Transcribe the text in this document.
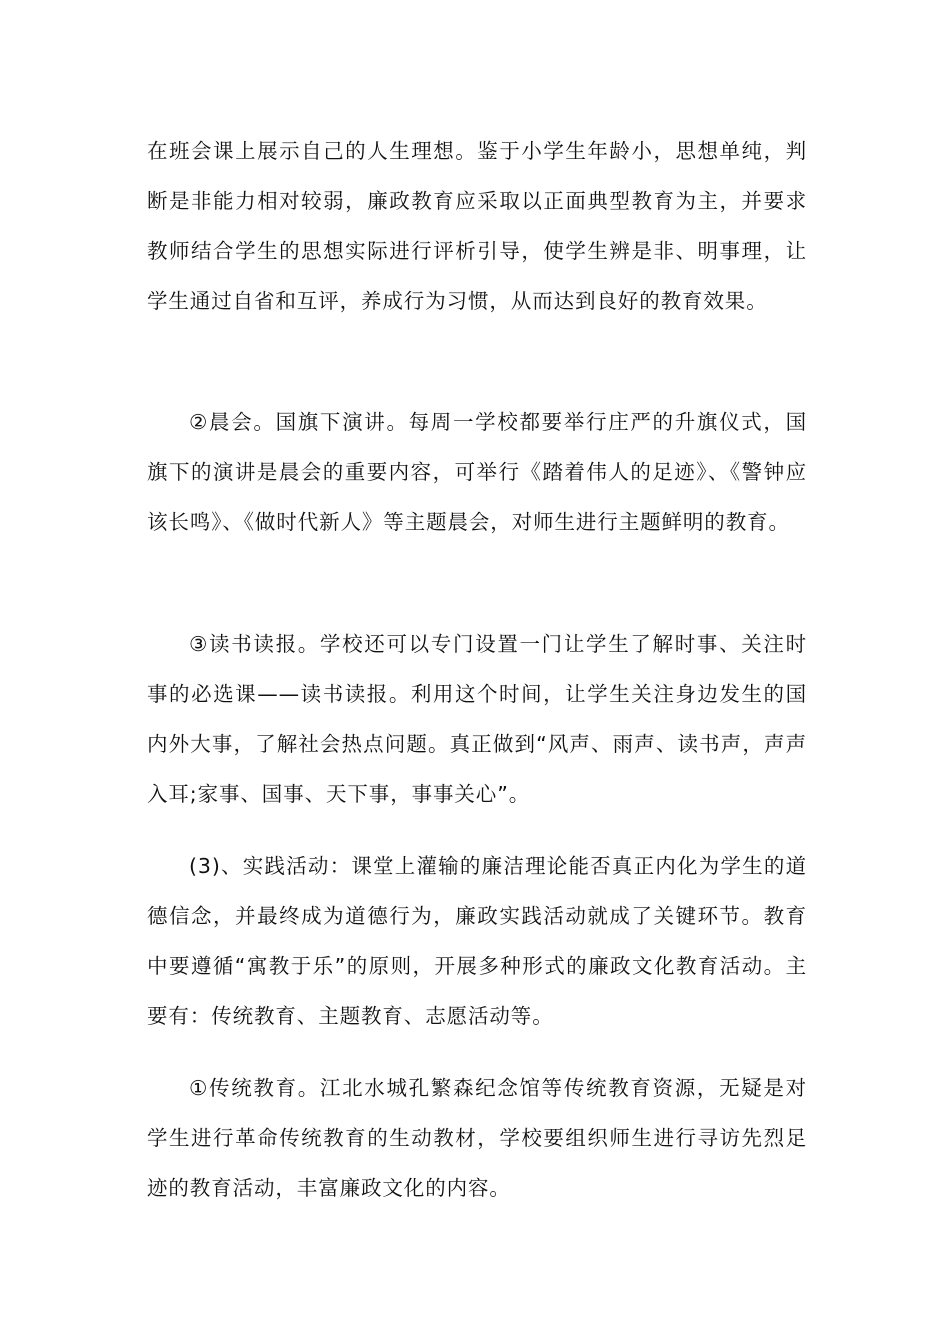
在班会课上展示自己的人生理想。鉴于小学生年龄小，思想单纯，判断是非能力相对较弱，廉政教育应采取以正面典型教育为主，并要求教师结合学生的思想实际进行评析引导，使学生辨是非、明事理，让学生通过自省和互评，养成行为习惯，从而达到良好的教育效果。

②晨会。国旗下演讲。每周一学校都要举行庄严的升旗仪式，国旗下的演讲是晨会的重要内容，可举行《踏着伟人的足迹》、《警钟应该长鸣》、《做时代新人》等主题晨会，对师生进行主题鲜明的教育。

③读书读报。学校还可以专门设置一门让学生了解时事、关注时事的必选课——读书读报。利用这个时间，让学生关注身边发生的国内外大事，了解社会热点问题。真正做到“风声、雨声、读书声，声声入耳;家事、国事、天下事，事事关心”。

(3)、实践活动：课堂上灌输的廉洁理论能否真正内化为学生的道德信念，并最终成为道德行为，廉政实践活动就成了关键环节。教育中要遵循“寓教于乐”的原则，开展多种形式的廉政文化教育活动。主要有：传统教育、主题教育、志愿活动等。

①传统教育。江北水城孔繁森纪念馆等传统教育资源，无疑是对学生进行革命传统教育的生动教材，学校要组织师生进行寻访先烈足迹的教育活动，丰富廉政文化的内容。
